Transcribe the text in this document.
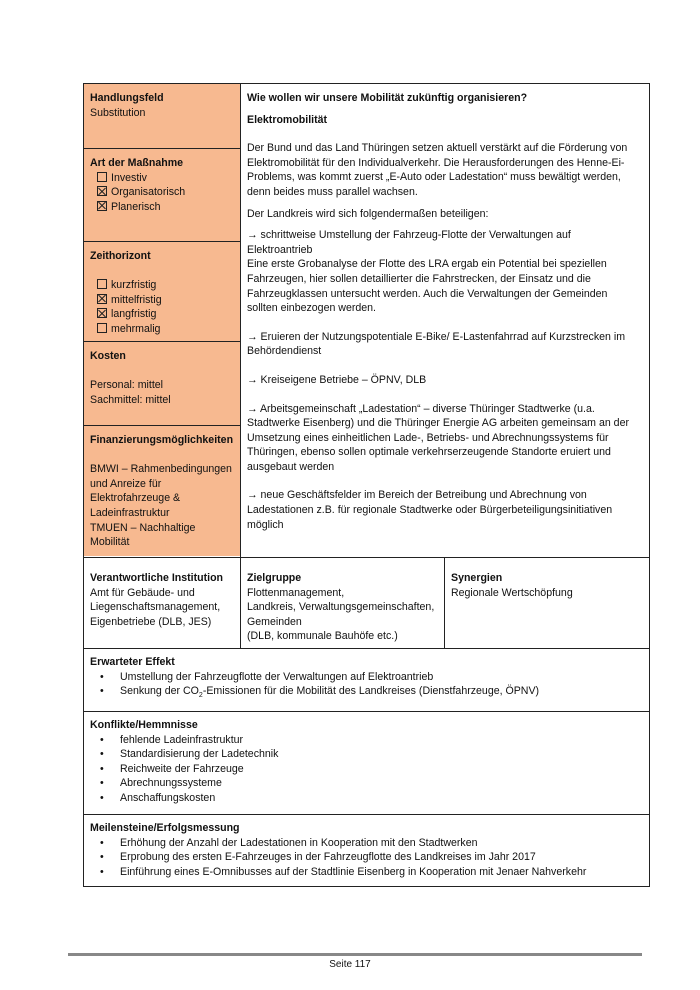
Handlungsfeld

Substitution

Art der Maßnahme

Investiv
Organisatorisch
Planerisch

Zeithorizont

kurzfristig
mittelfristig
langfristig
mehrmalig

Kosten

Personal: mittel

Sachmittel: mittel

Finanzierungsmöglichkeiten

BMWI – Rahmenbedingungen

und Anreize für

Elektrofahrzeuge &

Ladeinfrastruktur

TMUEN – Nachhaltige

Mobilität

Wie wollen wir unsere Mobilität zukünftig organisieren?

Elektromobilität

Der Bund und das Land Thüringen setzen aktuell verstärkt auf die Förderung von Elektromobilität für den Individualverkehr. Die Herausforderungen des Henne-Ei-Problems, was kommt zuerst „E-Auto oder Ladestation“ muss bewältigt werden, denn beides muss parallel wachsen.

Der Landkreis wird sich folgendermaßen beteiligen:

→ schrittweise Umstellung der Fahrzeug-Flotte der Verwaltungen auf Elektroantrieb

Eine erste Grobanalyse der Flotte des LRA ergab ein Potential bei speziellen Fahrzeugen, hier sollen detaillierter die Fahrstrecken, der Einsatz und die Fahrzeugklassen untersucht werden. Auch die Verwaltungen der Gemeinden sollten einbezogen werden.

→ Eruieren der Nutzungspotentiale E-Bike/ E-Lastenfahrrad auf Kurzstrecken im Behördendienst

→ Kreiseigene Betriebe – ÖPNV, DLB

→ Arbeitsgemeinschaft „Ladestation“ – diverse Thüringer Stadtwerke (u.a. Stadtwerke Eisenberg) und die Thüringer Energie AG arbeiten gemeinsam an der Umsetzung eines einheitlichen Lade-, Betriebs- und Abrechnungssystems für Thüringen, ebenso sollen optimale verkehrserzeugende Standorte eruiert und ausgebaut werden

→ neue Geschäftsfelder im Bereich der Betreibung und Abrechnung von Ladestationen z.B. für regionale Stadtwerke oder Bürgerbeteiligungsinitiativen möglich

Verantwortliche Institution

Amt für Gebäude- und Liegenschaftsmanagement, Eigenbetriebe (DLB, JES)

Zielgruppe

Flottenmanagement,

Landkreis, Verwaltungsgemeinschaften,

Gemeinden

(DLB, kommunale Bauhöfe etc.)

Synergien

Regionale Wertschöpfung

Erwarteter Effekt

• Umstellung der Fahrzeugflotte der Verwaltungen auf Elektroantrieb
• Senkung der $CO_2$-Emissionen für die Mobilität des Landkreises (Dienstfahrzeuge, ÖPNV)

Konflikte/Hemmnisse

• fehlende Ladeinfrastruktur
• Standardisierung der Ladetechnik
• Reichweite der Fahrzeuge
• Abrechnungssysteme
• Anschaffungskosten

Meilensteine/Erfolgsmessung

• Erhöhung der Anzahl der Ladestationen in Kooperation mit den Stadtwerken
• Erprobung des ersten E-Fahrzeuges in der Fahrzeugflotte des Landkreises im Jahr 2017
• Einführung eines E-Omnibusses auf der Stadtlinie Eisenberg in Kooperation mit Jenaer Nahverkehr
Seite 117
